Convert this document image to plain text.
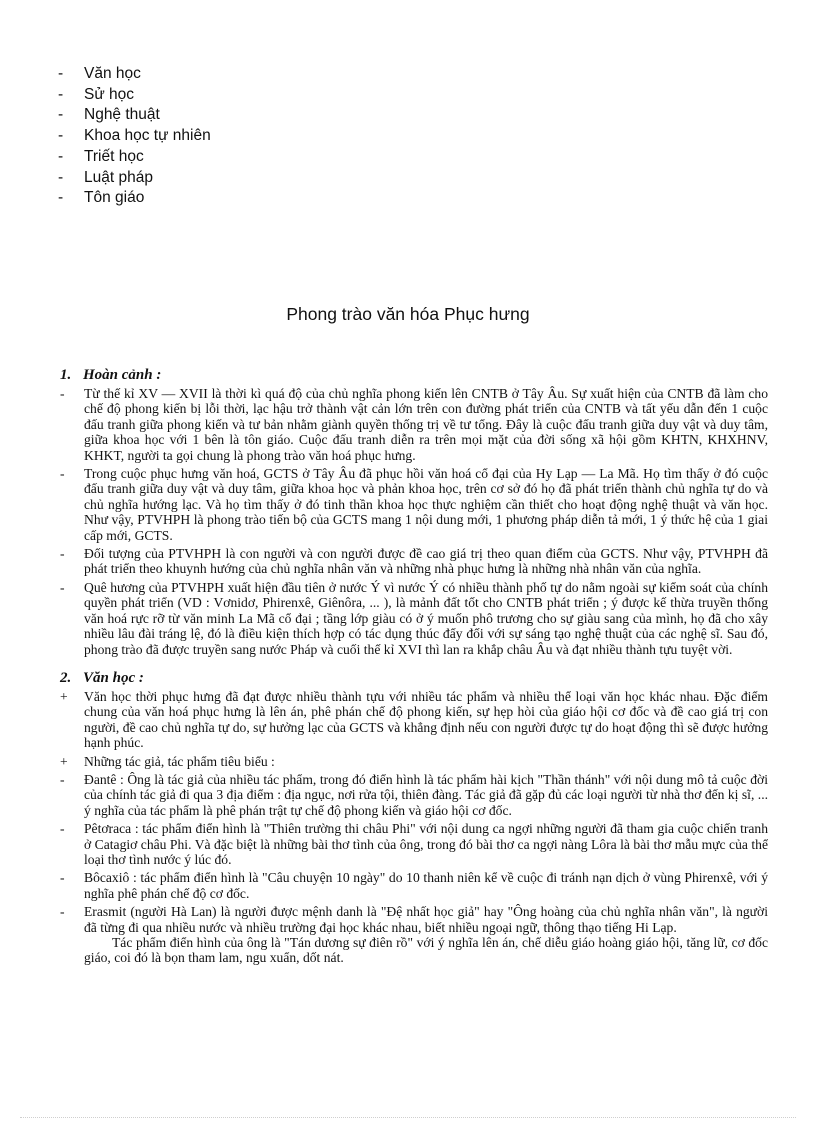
-	Văn học
-	Sử học
-	Nghệ thuật
-	Khoa học tự nhiên
-	Triết học
-	Luật pháp
-	Tôn giáo
Phong trào văn hóa Phục hưng
1. Hoàn cảnh :
-	Từ thế kỉ XV — XVII là thời kì quá độ của chủ nghĩa phong kiến lên CNTB ở Tây Âu. Sự xuất hiện của CNTB đã làm cho chế độ phong kiến bị lỗi thời, lạc hậu trở thành vật cản lớn trên con đường phát triển của CNTB và tất yếu dẫn đến 1 cuộc đấu tranh giữa phong kiến và tư bản nhằm giành quyền thống trị về tư tổng. Đây là cuộc đấu tranh giữa duy vật và duy tâm, giữa khoa học với 1 bên là tôn giáo. Cuộc đấu tranh diễn ra trên mọi mặt của đời sống xã hội gồm KHTN, KHXHNV, KHKT, người ta gọi chung là phong trào văn hoá phục hưng.
-	Trong cuộc phục hưng văn hoá, GCTS ở Tây Âu đã phục hồi văn hoá cổ đại của Hy Lạp — La Mã. Họ tìm thấy ở đó cuộc đấu tranh giữa duy vật và duy tâm, giữa khoa học và phản khoa học, trên cơ sở đó họ đã phát triển thành chủ nghĩa tự do và chủ nghĩa hướng lạc. Và họ tìm thấy ở đó tinh thần khoa học thực nghiệm cần thiết cho hoạt động nghệ thuật và văn học. Như vậy, PTVHPH là phong trào tiến bộ của GCTS mang 1 nội dung mới, 1 phương pháp diễn tả mới, 1 ý thức hệ của 1 giai cấp mới, GCTS.
-	Đối tượng của PTVHPH là con người và con người được đề cao giá trị theo quan điểm của GCTS. Như vậy, PTVHPH đã phát triển theo khuynh hướng của chủ nghĩa nhân văn và những nhà phục hưng là những nhà nhân văn của nghĩa.
-	Quê hương của PTVHPH xuất hiện đầu tiên ở nước Ý vì nước Ý có nhiều thành phố tự do nằm ngoài sự kiểm soát của chính quyền phát triển (VD : Vơnidơ, Phirenxê, Giênôra, ... ), là mảnh đất tốt cho CNTB phát triển ; ý được kế thừa truyền thống văn hoá rực rỡ từ văn minh La Mã cổ đại ; tầng lớp giàu có ở ý muốn phô trương cho sự giàu sang của mình, họ đã cho xây nhiều lâu đài tráng lệ, đó là điều kiện thích hợp có tác dụng thúc đẩy đối với sự sáng tạo nghệ thuật của các nghệ sĩ. Sau đó, phong trào đã được truyền sang nước Pháp và cuối thế kỉ XVI thì lan ra khắp châu Âu và đạt nhiều thành tựu tuyệt vời.
2. Văn học :
+	Văn học thời phục hưng đã đạt được nhiều thành tựu với nhiều tác phẩm và nhiều thể loại văn học khác nhau. Đặc điểm chung của văn hoá phục hưng là lên án, phê phán chế độ phong kiến, sự hẹp hòi của giáo hội cơ đốc và đề cao giá trị con người, đề cao chủ nghĩa tự do, sự hưởng lạc của GCTS và khẳng định nếu con người được tự do hoạt động thì sẽ được hưởng hạnh phúc.
+	Những tác giả, tác phẩm tiêu biểu :
-	Đantê : Ông là tác giả của nhiều tác phẩm, trong đó điển hình là tác phẩm hài kịch "Thần thánh" với nội dung mô tả cuộc đời của chính tác giả đi qua 3 địa điểm : địa ngục, nơi rửa tội, thiên đàng. Tác giả đã gặp đủ các loại người từ nhà thơ đến kị sĩ, ... ý nghĩa của tác phẩm là phê phán trật tự chế độ phong kiến và giáo hội cơ đốc.
-	Pêtơraca : tác phẩm điển hình là "Thiên trường thi châu Phi" với nội dung ca ngợi những người đã tham gia cuộc chiến tranh ở Catagiơ châu Phi. Và đặc biệt là những bài thơ tình của ông, trong đó bài thơ ca ngợi nàng Lôra là bài thơ mẫu mực của thể loại thơ tình nước ý lúc đó.
-	Bôcaxiô : tác phẩm điển hình là "Câu chuyện 10 ngày" do 10 thanh niên kể về cuộc đi tránh nạn dịch ở vùng Phirenxê, với ý nghĩa phê phán chế độ cơ đốc.
-	Erasmit (người Hà Lan) là người được mệnh danh là "Đệ nhất học giả" hay "Ông hoàng của chủ nghĩa nhân văn", là người đã từng đi qua nhiều nước và nhiều trường đại học khác nhau, biết nhiều ngoại ngữ, thông thạo tiếng Hi Lạp.
Tác phẩm điển hình của ông là "Tán dương sự điên rồ" với ý nghĩa lên án, chế diễu giáo hoàng giáo hội, tăng lữ, cơ đốc giáo, coi đó là bọn tham lam, ngu xuẩn, dốt nát.
